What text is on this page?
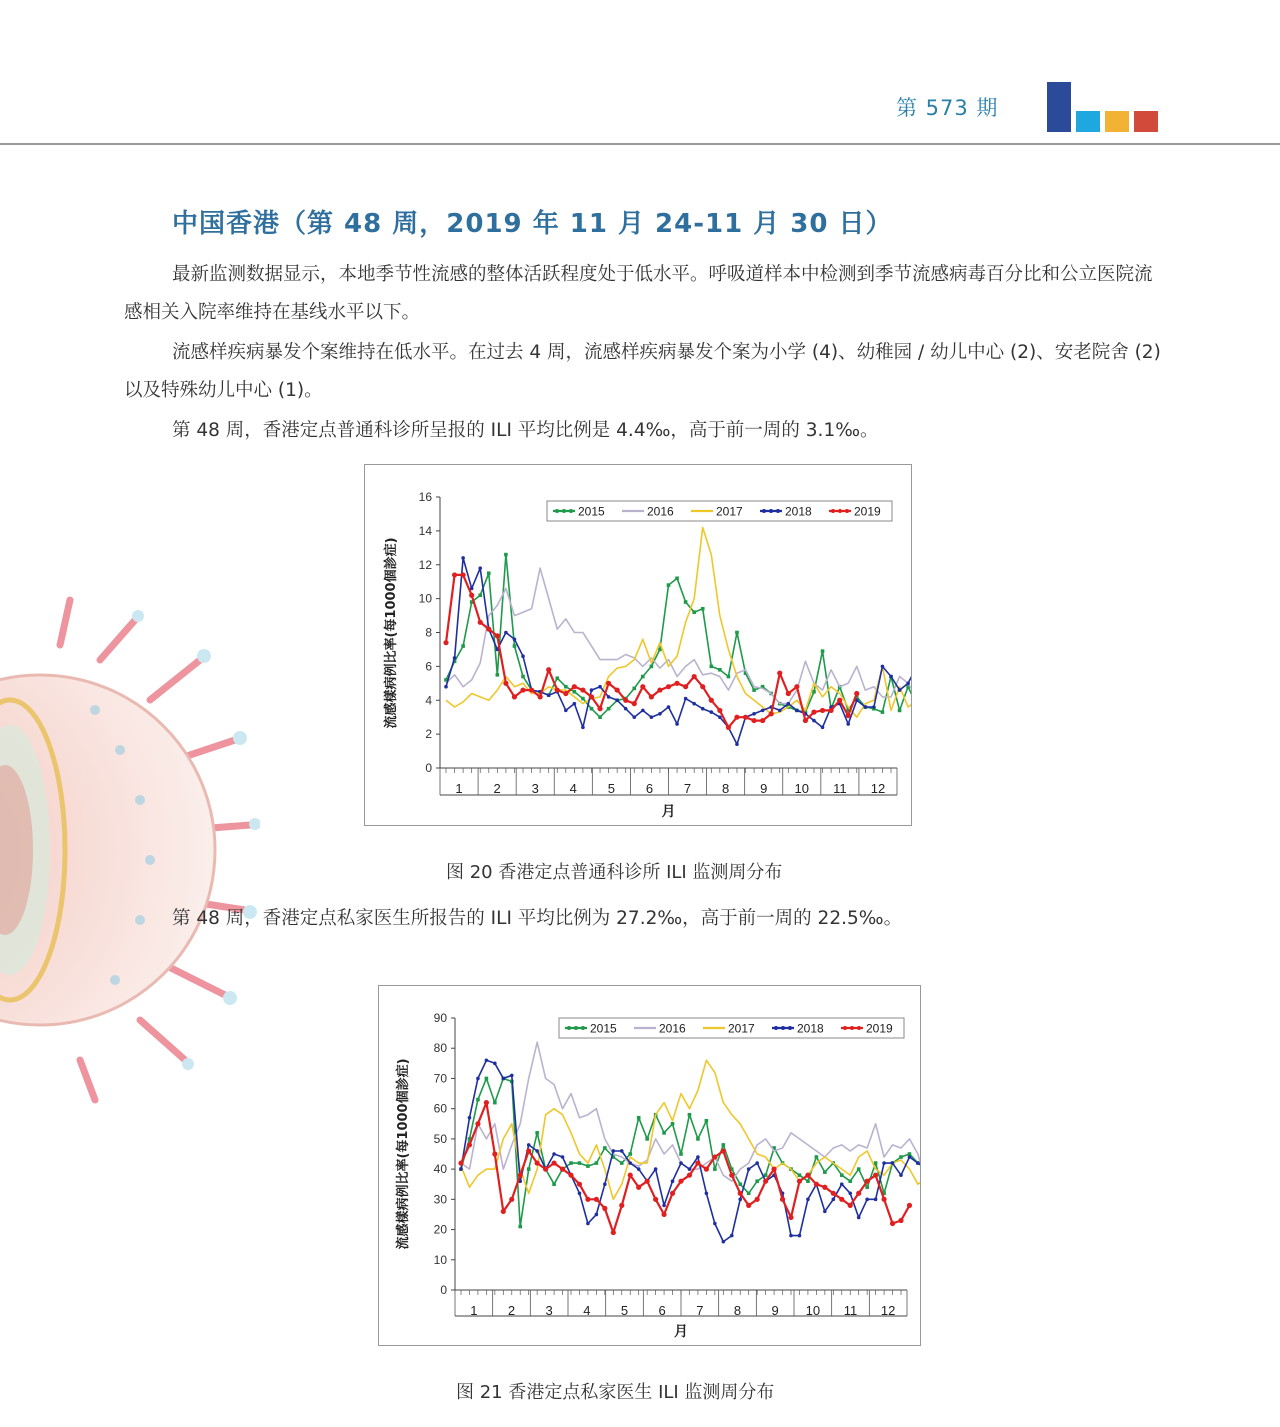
第 573 期
中国香港（第 48 周，2019 年 11 月 24-11 月 30 日）
最新监测数据显示，本地季节性流感的整体活跃程度处于低水平。呼吸道样本中检测到季节流感病毒百分比和公立医院流感相关入院率维持在基线水平以下。
流感样疾病暴发个案维持在低水平。在过去 4 周，流感样疾病暴发个案为小学 (4)、幼稚园 / 幼儿中心 (2)、安老院舍 (2) 以及特殊幼儿中心 (1)。
第 48 周，香港定点普通科诊所呈报的 ILI 平均比例是 4.4‰，高于前一周的 3.1‰。
0
2
4
6
8
10
12
14
16
1 2 3 4 5 6 7 8 9 10 11 12
月
流感樣病例比率(每1000個診症)
2015	2016	2017	2018	2019
图 20 香港定点普通科诊所 ILI 监测周分布
第 48 周，香港定点私家医生所报告的 ILI 平均比例为 27.2‰，高于前一周的 22.5‰。
0
10
20
30
40
50
60
70
80
90
1 2 3 4 5 6 7 8 9 10 11 12
月
流感樣病例比率(每1000個診症)
2015	2016	2017	2018	2019
图 21 香港定点私家医生 ILI 监测周分布
